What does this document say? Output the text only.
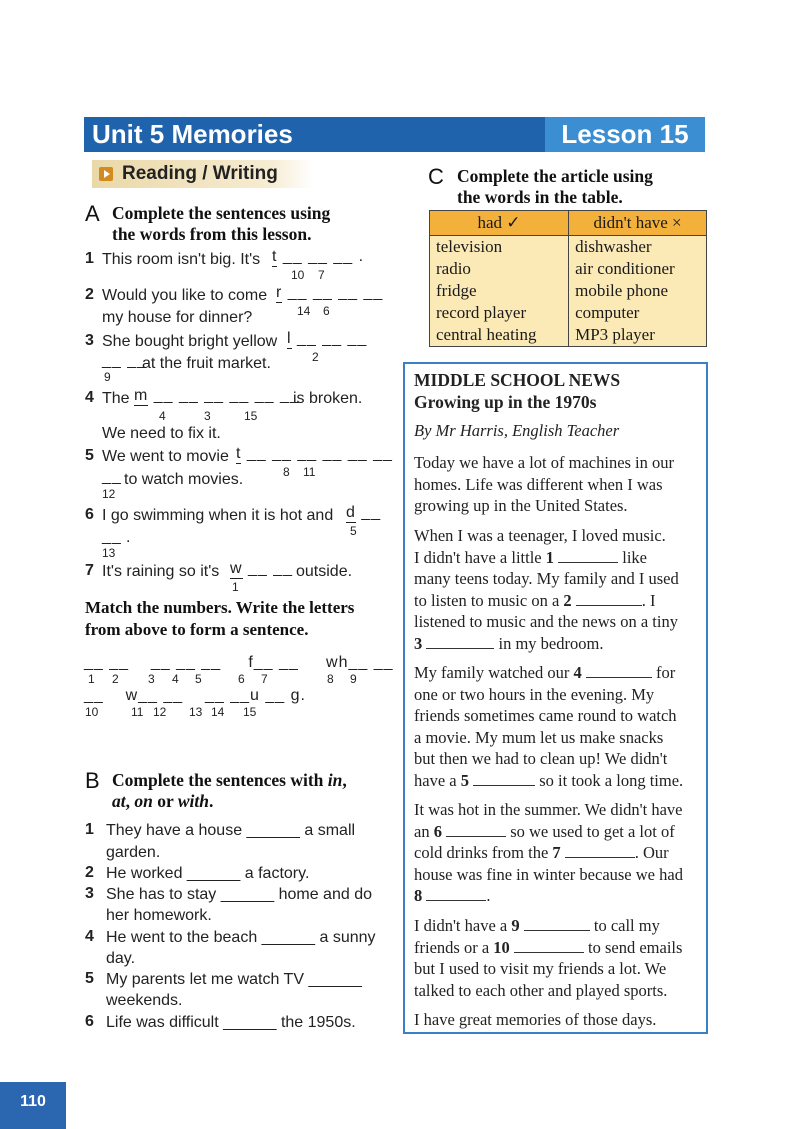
Unit 5 Memories	Lesson 15
Reading / Writing
A Complete the sentences using
the words from this lesson.
1 This room isn't big. It's t __ __ __ .
10 7
2 Would you like to come r __ __ __ __
14 6
my house for dinner?
3 She bought bright yellow l __ __ __
2
__ __
at the fruit market.
9
4 The m __ __ __ __ __ __
is broken.
4	3	15
We need to fix it.
5 We went to movie t __ __ __ __ __ __
8 11
__ to watch movies.
12
6 I go swimming when it is hot and d __
5
__ .
13
7 It's raining so it's w __ __ outside.
1
Match the numbers. Write the letters
from above to form a sentence.
__ __    __ __ __     f__ __     wh__ __
1 2 3 4 5	6 7	8 9
__    w__ __    __ __u __ g.
10	11 12 13 14 15
B Complete the sentences with in,
at, on or with.
1 They have a house ______ a small
garden.
2 He worked ______ a factory.
3 She has to stay ______ home and do
her homework.
4 He went to the beach ______ a sunny
day.
5 My parents let me watch TV ______
weekends.
6 Life was difficult ______ the 1950s.
C Complete the article using
the words in the table.
had ✓	didn't have ×
television	dishwasher
radio	air conditioner
fridge	mobile phone
record player	computer
central heating	MP3 player
MIDDLE SCHOOL NEWS
Growing up in the 1970s
By Mr Harris, English Teacher
Today we have a lot of machines in our
homes. Life was different when I was
growing up in the United States.
When I was a teenager, I loved music.
I didn't have a little 1	like
many teens today. My family and I used
to listen to music on a 2	. I
listened to music and the news on a tiny
3	in my bedroom.
My family watched our 4	for
one or two hours in the evening. My
friends sometimes came round to watch
a movie. My mum let us make snacks
but then we had to clean up! We didn't
have a 5	so it took a long time.
It was hot in the summer. We didn't have
an 6	so we used to get a lot of
cold drinks from the 7	. Our
house was fine in winter because we had
8	.
I didn't have a 9	to call my
friends or a 10	to send emails
but I used to visit my friends a lot. We
talked to each other and played sports.
I have great memories of those days.
110
